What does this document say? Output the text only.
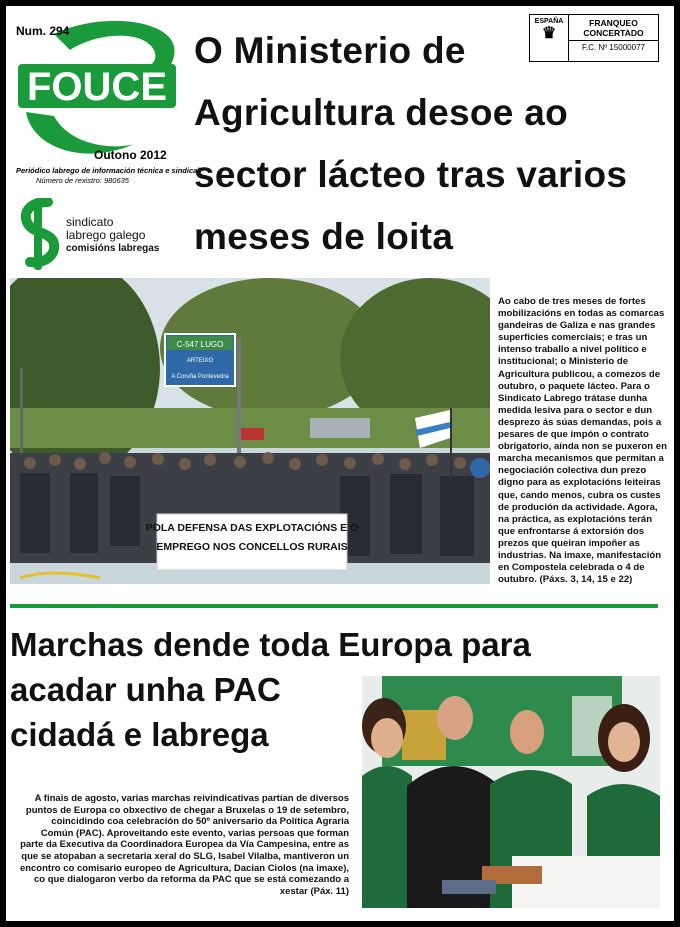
FOUCE
Num. 294
Outono 2012
Periódico labrego de información técnica e sindical
Número de rexistro: 980635
sindicato
labrego galego
comisións labregas
ESPAÑA
♛
FRANQUEO
CONCERTADO
F.C. Nº 15000077
O Ministerio de Agricultura desoe ao sector lácteo tras varios meses de loita
C-547 LUGO
ARTEIXO
A Coruña Pontevedra
POLA DEFENSA DAS EXPLOTACIÓNS E O
EMPREGO NOS CONCELLOS RURAIS
Ao cabo de tres meses de fortes mobilizacións en todas as comarcas gandeiras de Galiza e nas grandes superficies comerciais; e tras un intenso traballo a nivel político e institucional; o Ministerio de Agricultura publicou, a comezos de outubro, o paquete lácteo. Para o Sindicato Labrego trátase dunha medida lesiva para o sector e dun desprezo ás súas demandas, pois a pesares de que impón o contrato obrigatorio, aínda non se puxeron en marcha mecanismos que permitan a negociación colectiva dun prezo digno para as explotacións leiteiras que, cando menos, cubra os custes de produción da actividade. Agora, na práctica, as explotacións terán que enfrontarse á extorsión dos prezos que queiran impoñer as industrias. Na imaxe, manifestación en Compostela celebrada o 4 de outubro. (Páxs. 3, 14, 15 e 22)
Marchas dende toda Europa para
acadar unha PAC
cidadá e labrega
A finais de agosto, varias marchas reivindicativas partían de diversos puntos de Europa co obxectivo de chegar a Bruxelas o 19 de setembro, coincidindo coa celebración do 50º aniversario da Política Agraria Común (PAC). Aproveitando este evento, varias persoas que forman parte da Executiva da Coordinadora Europea da Vía Campesina, entre as que se atopaban a secretaria xeral do SLG, Isabel Vilalba, mantiveron un encontro co comisario europeo de Agricultura, Dacian Ciolos (na imaxe), co que dialogaron verbo da reforma da PAC que se está comezando a xestar (Páx. 11)
